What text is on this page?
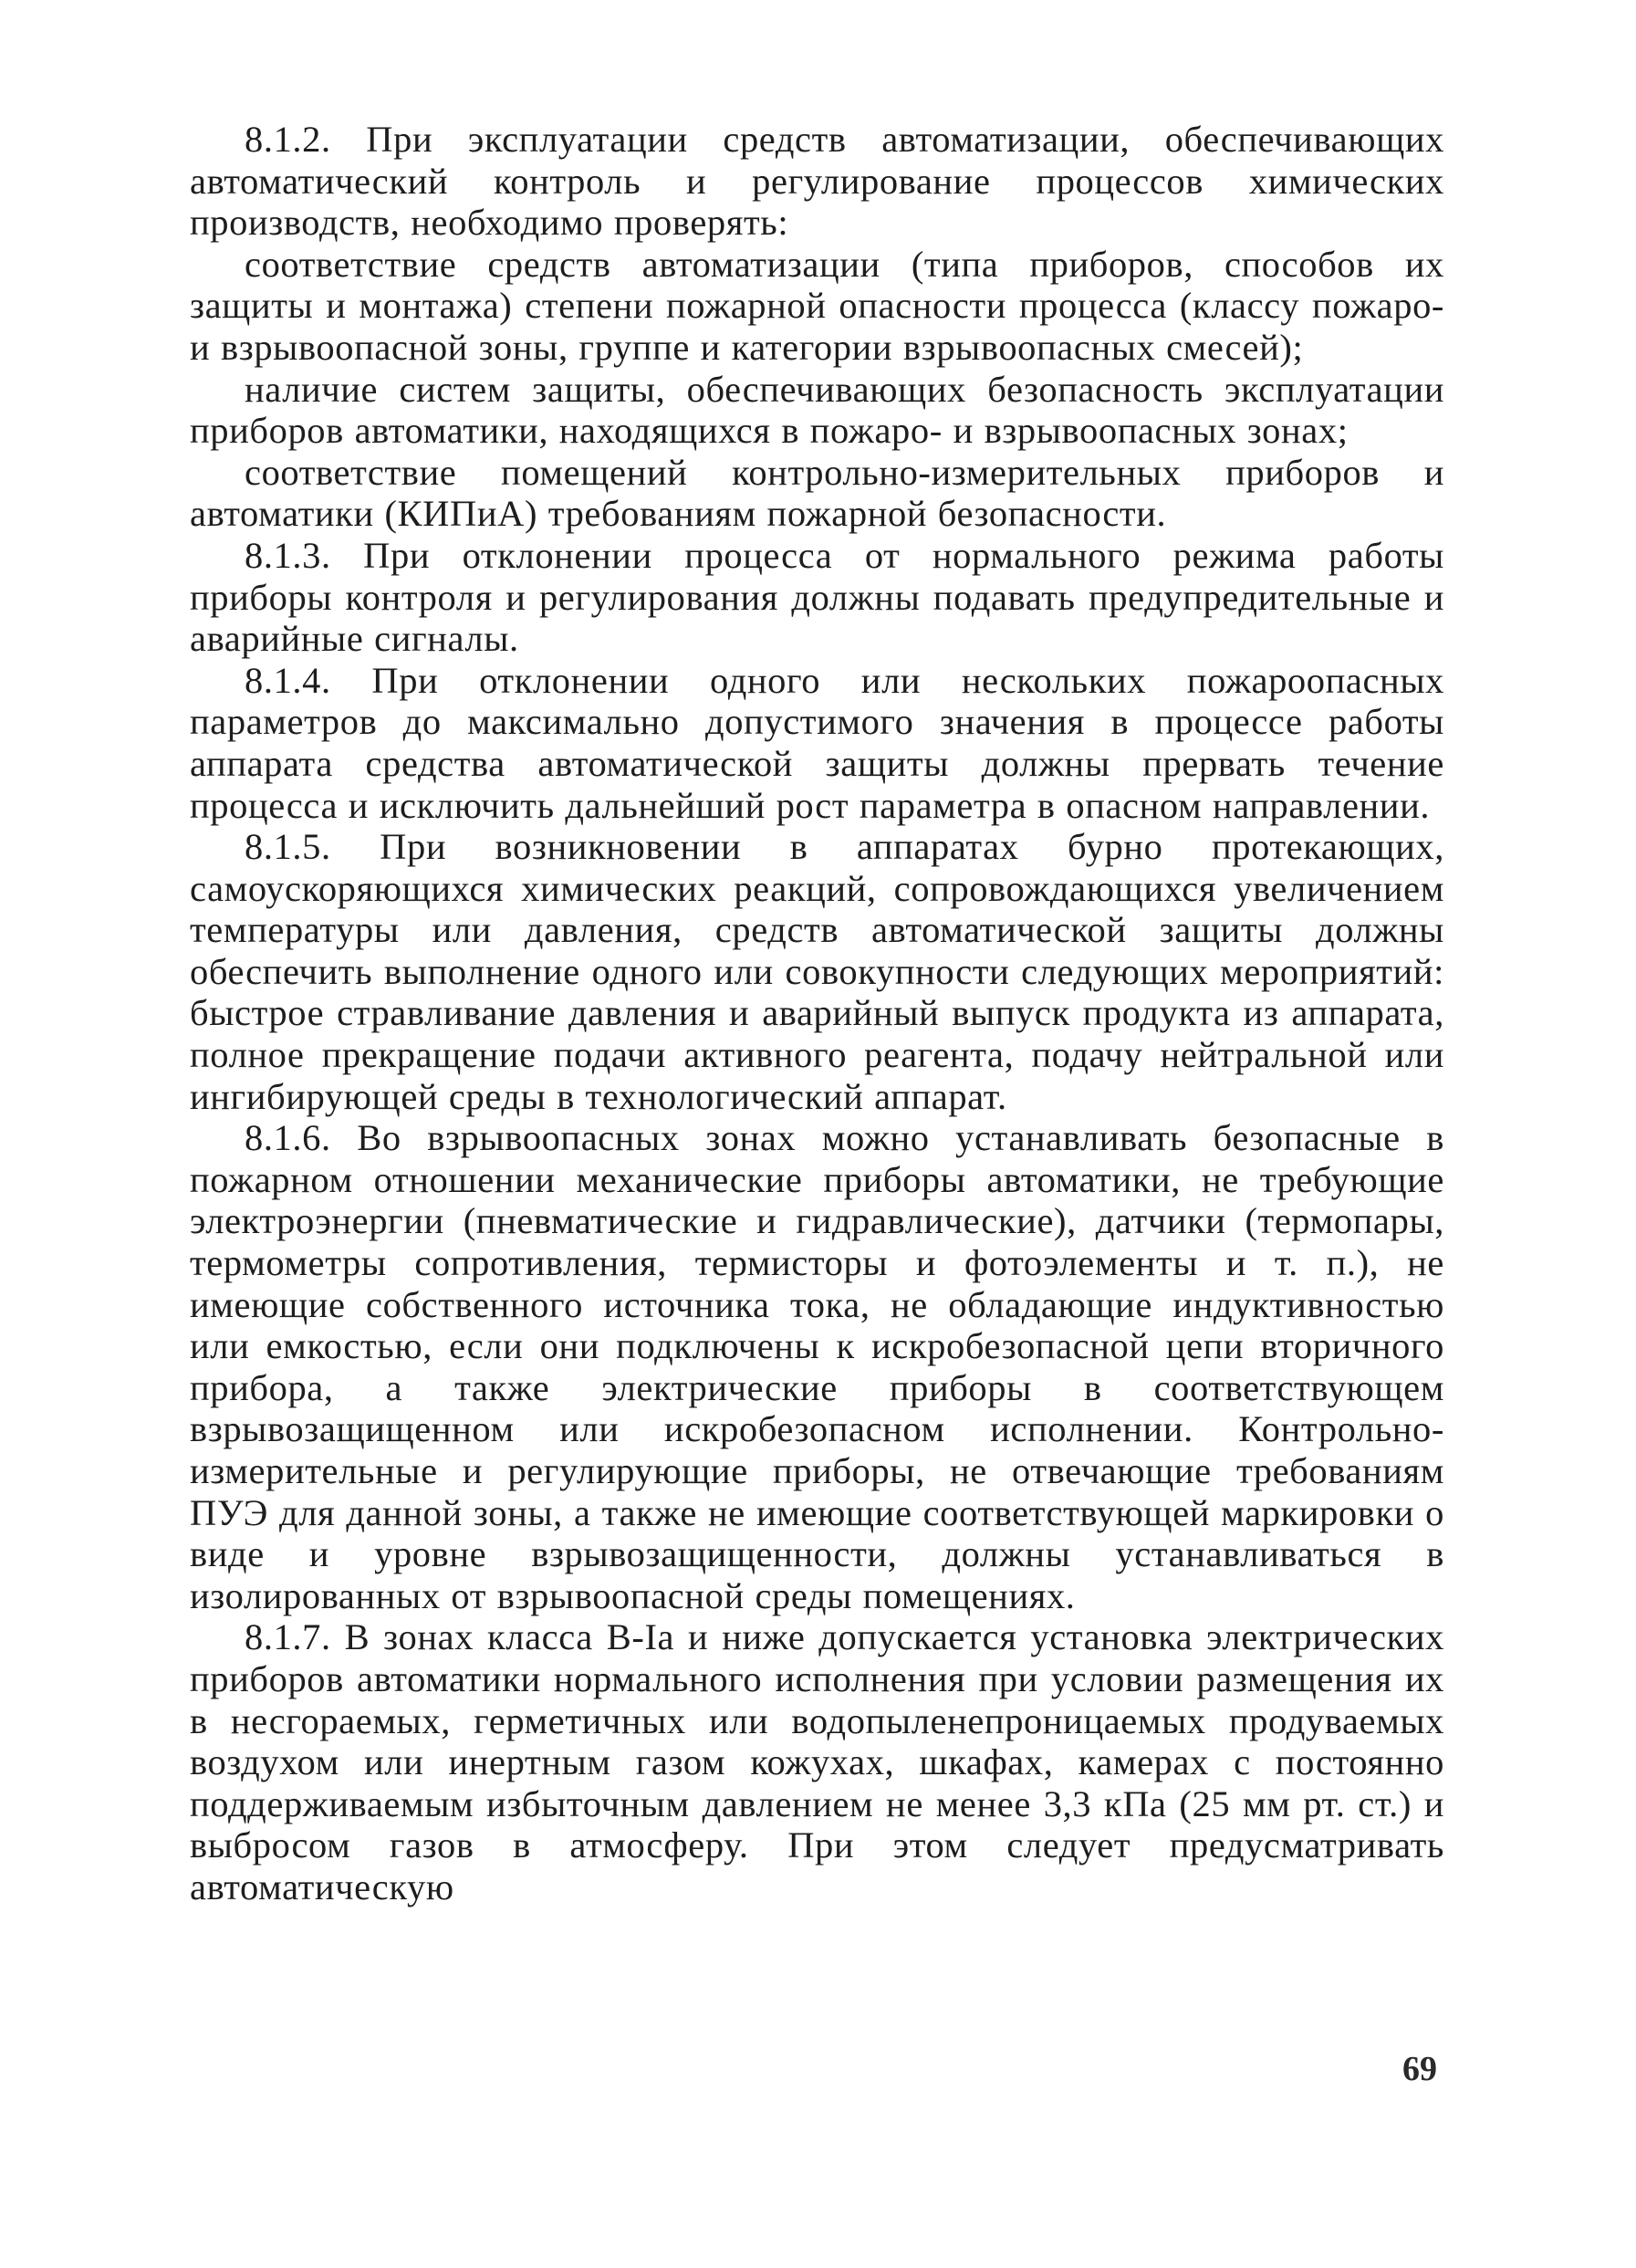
8.1.2. При эксплуатации средств автоматизации, обеспечивающих автоматический контроль и регулирование процессов химических производств, необходимо проверять:

соответствие средств автоматизации (типа приборов, способов их защиты и монтажа) степени пожарной опасности процесса (классу пожаро- и взрывоопасной зоны, группе и категории взрывоопасных смесей);

наличие систем защиты, обеспечивающих безопасность эксплуатации приборов автоматики, находящихся в пожаро- и взрывоопасных зонах;

соответствие помещений контрольно-измерительных приборов и автоматики (КИПиА) требованиям пожарной безопасности.

8.1.3. При отклонении процесса от нормального режима работы приборы контроля и регулирования должны подавать предупредительные и аварийные сигналы.

8.1.4. При отклонении одного или нескольких пожароопасных параметров до максимально допустимого значения в процессе работы аппарата средства автоматической защиты должны прервать течение процесса и исключить дальнейший рост параметра в опасном направлении.

8.1.5. При возникновении в аппаратах бурно протекающих, самоускоряющихся химических реакций, сопровождающихся увеличением температуры или давления, средств автоматической защиты должны обеспечить выполнение одного или совокупности следующих мероприятий: быстрое стравливание давления и аварийный выпуск продукта из аппарата, полное прекращение подачи активного реагента, подачу нейтральной или ингибирующей среды в технологический аппарат.

8.1.6. Во взрывоопасных зонах можно устанавливать безопасные в пожарном отношении механические приборы автоматики, не требующие электроэнергии (пневматические и гидравлические), датчики (термопары, термометры сопротивления, термисторы и фотоэлементы и т. п.), не имеющие собственного источника тока, не обладающие индуктивностью или емкостью, если они подключены к искробезопасной цепи вторичного прибора, а также электрические приборы в соответствующем взрывозащищенном или искробезопасном исполнении. Контрольно-измерительные и регулирующие приборы, не отвечающие требованиям ПУЭ для данной зоны, а также не имеющие соответствующей маркировки о виде и уровне взрывозащищенности, должны устанавливаться в изолированных от взрывоопасной среды помещениях.

8.1.7. В зонах класса В-Iа и ниже допускается установка электрических приборов автоматики нормального исполнения при условии размещения их в несгораемых, герметичных или водопыленепроницаемых продуваемых воздухом или инертным газом кожухах, шкафах, камерах с постоянно поддерживаемым избыточным давлением не менее 3,3 кПа (25 мм рт. ст.) и выбросом газов в атмосферу. При этом следует предусматривать автоматическую

69
